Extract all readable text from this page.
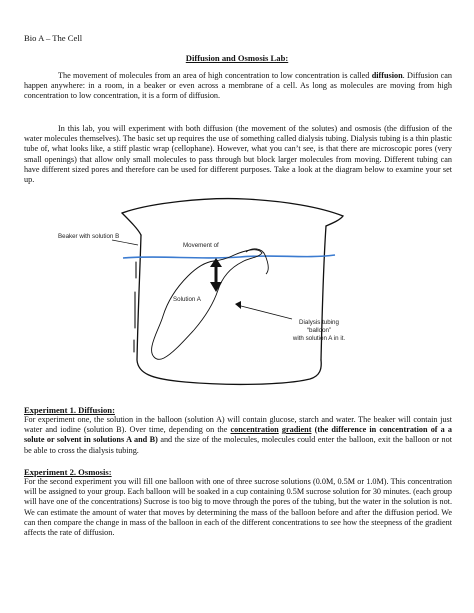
Bio A – The Cell
Diffusion and Osmosis Lab:

The movement of molecules from an area of high concentration to low concentration is called diffusion. Diffusion can happen anywhere: in a room, in a beaker or even across a membrane of a cell. As long as molecules are moving from high concentration to low concentration, it is a form of diffusion.

In this lab, you will experiment with both diffusion (the movement of the solutes) and osmosis (the diffusion of the water molecules themselves). The basic set up requires the use of something called dialysis tubing. Dialysis tubing is a thin plastic tube of, what looks like, a stiff plastic wrap (cellophane). However, what you can’t see, is that there are microscopic pores (very small openings) that allow only small molecules to pass through but block larger molecules from moving. Different tubing can have different sized pores and therefore can be used for different purposes. Take a look at the diagram below to examine your set up.

Beaker with solution B
Movement of
Solution A
Dialysis tubing
“balloon”
with solution A in it.
Experiment 1. Diffusion:

For experiment one, the solution in the balloon (solution A) will contain glucose, starch and water. The beaker will contain just water and iodine (solution B). Over time, depending on the concentration gradient (the difference in concentration of a a solute or solvent in solutions A and B) and the size of the molecules, molecules could enter the balloon, exit the balloon or not be able to cross the dialysis tubing.

Experiment 2. Osmosis:

For the second experiment you will fill one balloon with one of three sucrose solutions (0.0M, 0.5M or 1.0M). This concentration will be assigned to your group. Each balloon will be soaked in a cup containing 0.5M sucrose solution for 30 minutes. (each group will have one of the concentrations) Sucrose is too big to move through the pores of the tubing, but the water in the solution is not. We can estimate the amount of water that moves by determining the mass of the balloon before and after the diffusion period. We can then compare the change in mass of the balloon in each of the different concentrations to see how the steepness of the gradient affects the rate of diffusion.
